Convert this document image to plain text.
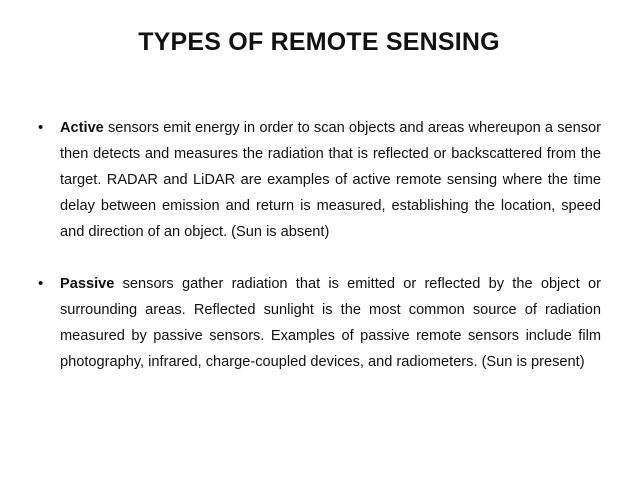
TYPES OF REMOTE SENSING
• Active sensors emit energy in order to scan objects and areas whereupon a sensor then detects and measures the radiation that is reflected or backscattered from the target. RADAR and LiDAR are examples of active remote sensing where the time delay between emission and return is measured, establishing the location, speed and direction of an object. (Sun is absent)
• Passive sensors gather radiation that is emitted or reflected by the object or surrounding areas. Reflected sunlight is the most common source of radiation measured by passive sensors. Examples of passive remote sensors include film photography, infrared, charge-coupled devices, and radiometers. (Sun is present)
